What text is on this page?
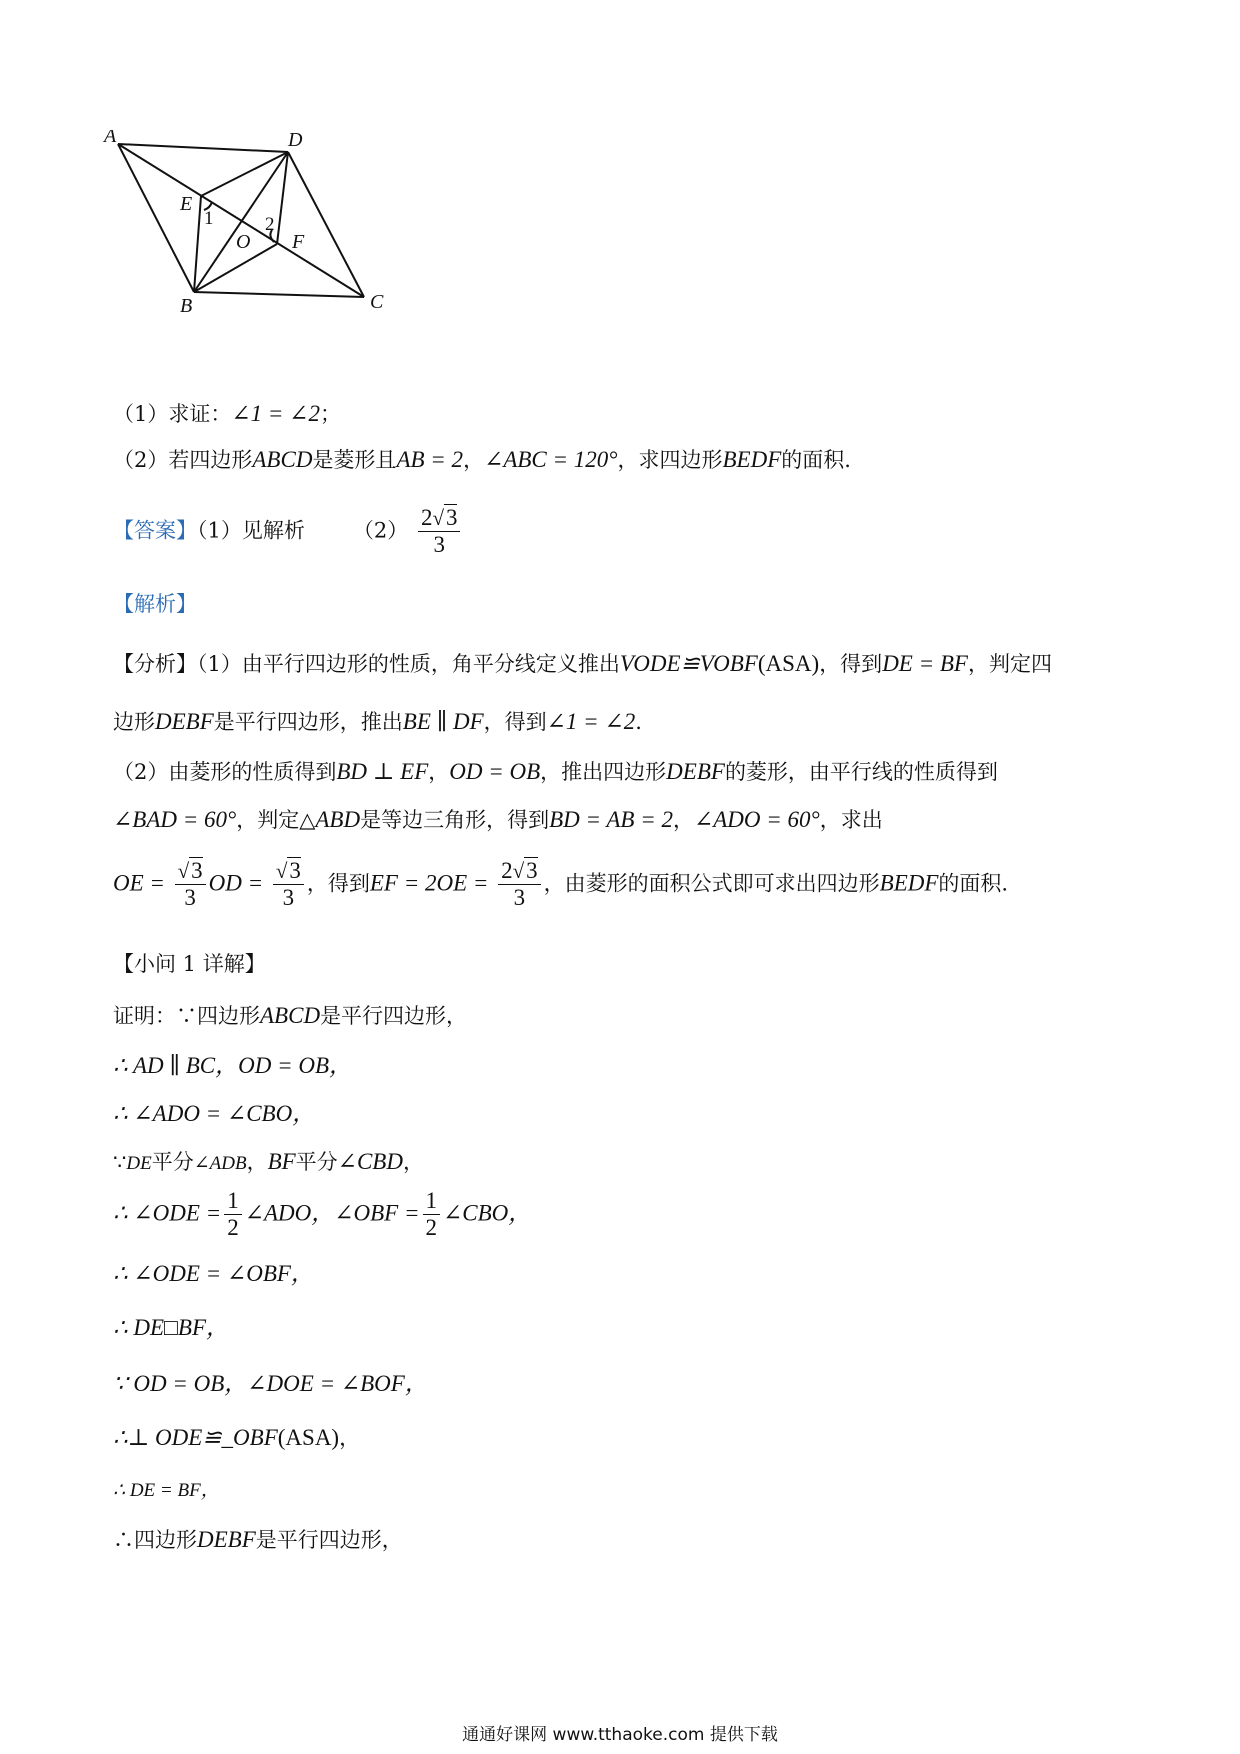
A	D
E
O F
B	C
1	2
（1）求证：∠1 = ∠2；
（2）若四边形ABCD是菱形且AB = 2，∠ABC = 120°，求四边形BEDF的面积.
【答案】（1）见解析 $(2) \frac{2√3}{3}$
【解析】
【分析】（1）由平行四边形的性质，角平分线定义推出VODE≌VOBF(ASA)，得到DE = BF，判定四
边形DEBF是平行四边形，推出BE ∥ DF，得到∠1 = ∠2.
（2）由菱形的性质得到BD ⊥ EF，OD = OB，推出四边形DEBF的菱形，由平行线的性质得到
∠BAD = 60°，判定△ABD是等边三角形，得到BD = AB = 2，∠ADO = 60°，求出
OE = $\frac{√3}{3}$ OD = $\frac{√3}{3}$ ，得到EF = $2OE = \frac{2√3}{3}$ ，由菱形的面积公式即可求出四边形BEDF的面积.
【小问 1 详解】
证明：∵四边形ABCD是平行四边形，
∴ AD ∥ BC，OD = OB，
∴ ∠ADO = ∠CBO，
∵DE平分∠ADB，BF平分∠CBD，
∴ ∠ODE = $\frac{1}{2}$ ∠ADO，∠OBF = $\frac{1}{2}$ ∠CBO，
∴ ∠ODE = ∠OBF，
∴ DE□BF，
∵ OD = OB，∠DOE = ∠BOF，
∴⊥ ODE≌_OBF(ASA)，
∴ DE = BF，
∴四边形DEBF是平行四边形，
通通好课网 www.tthaoke.com 提供下载
